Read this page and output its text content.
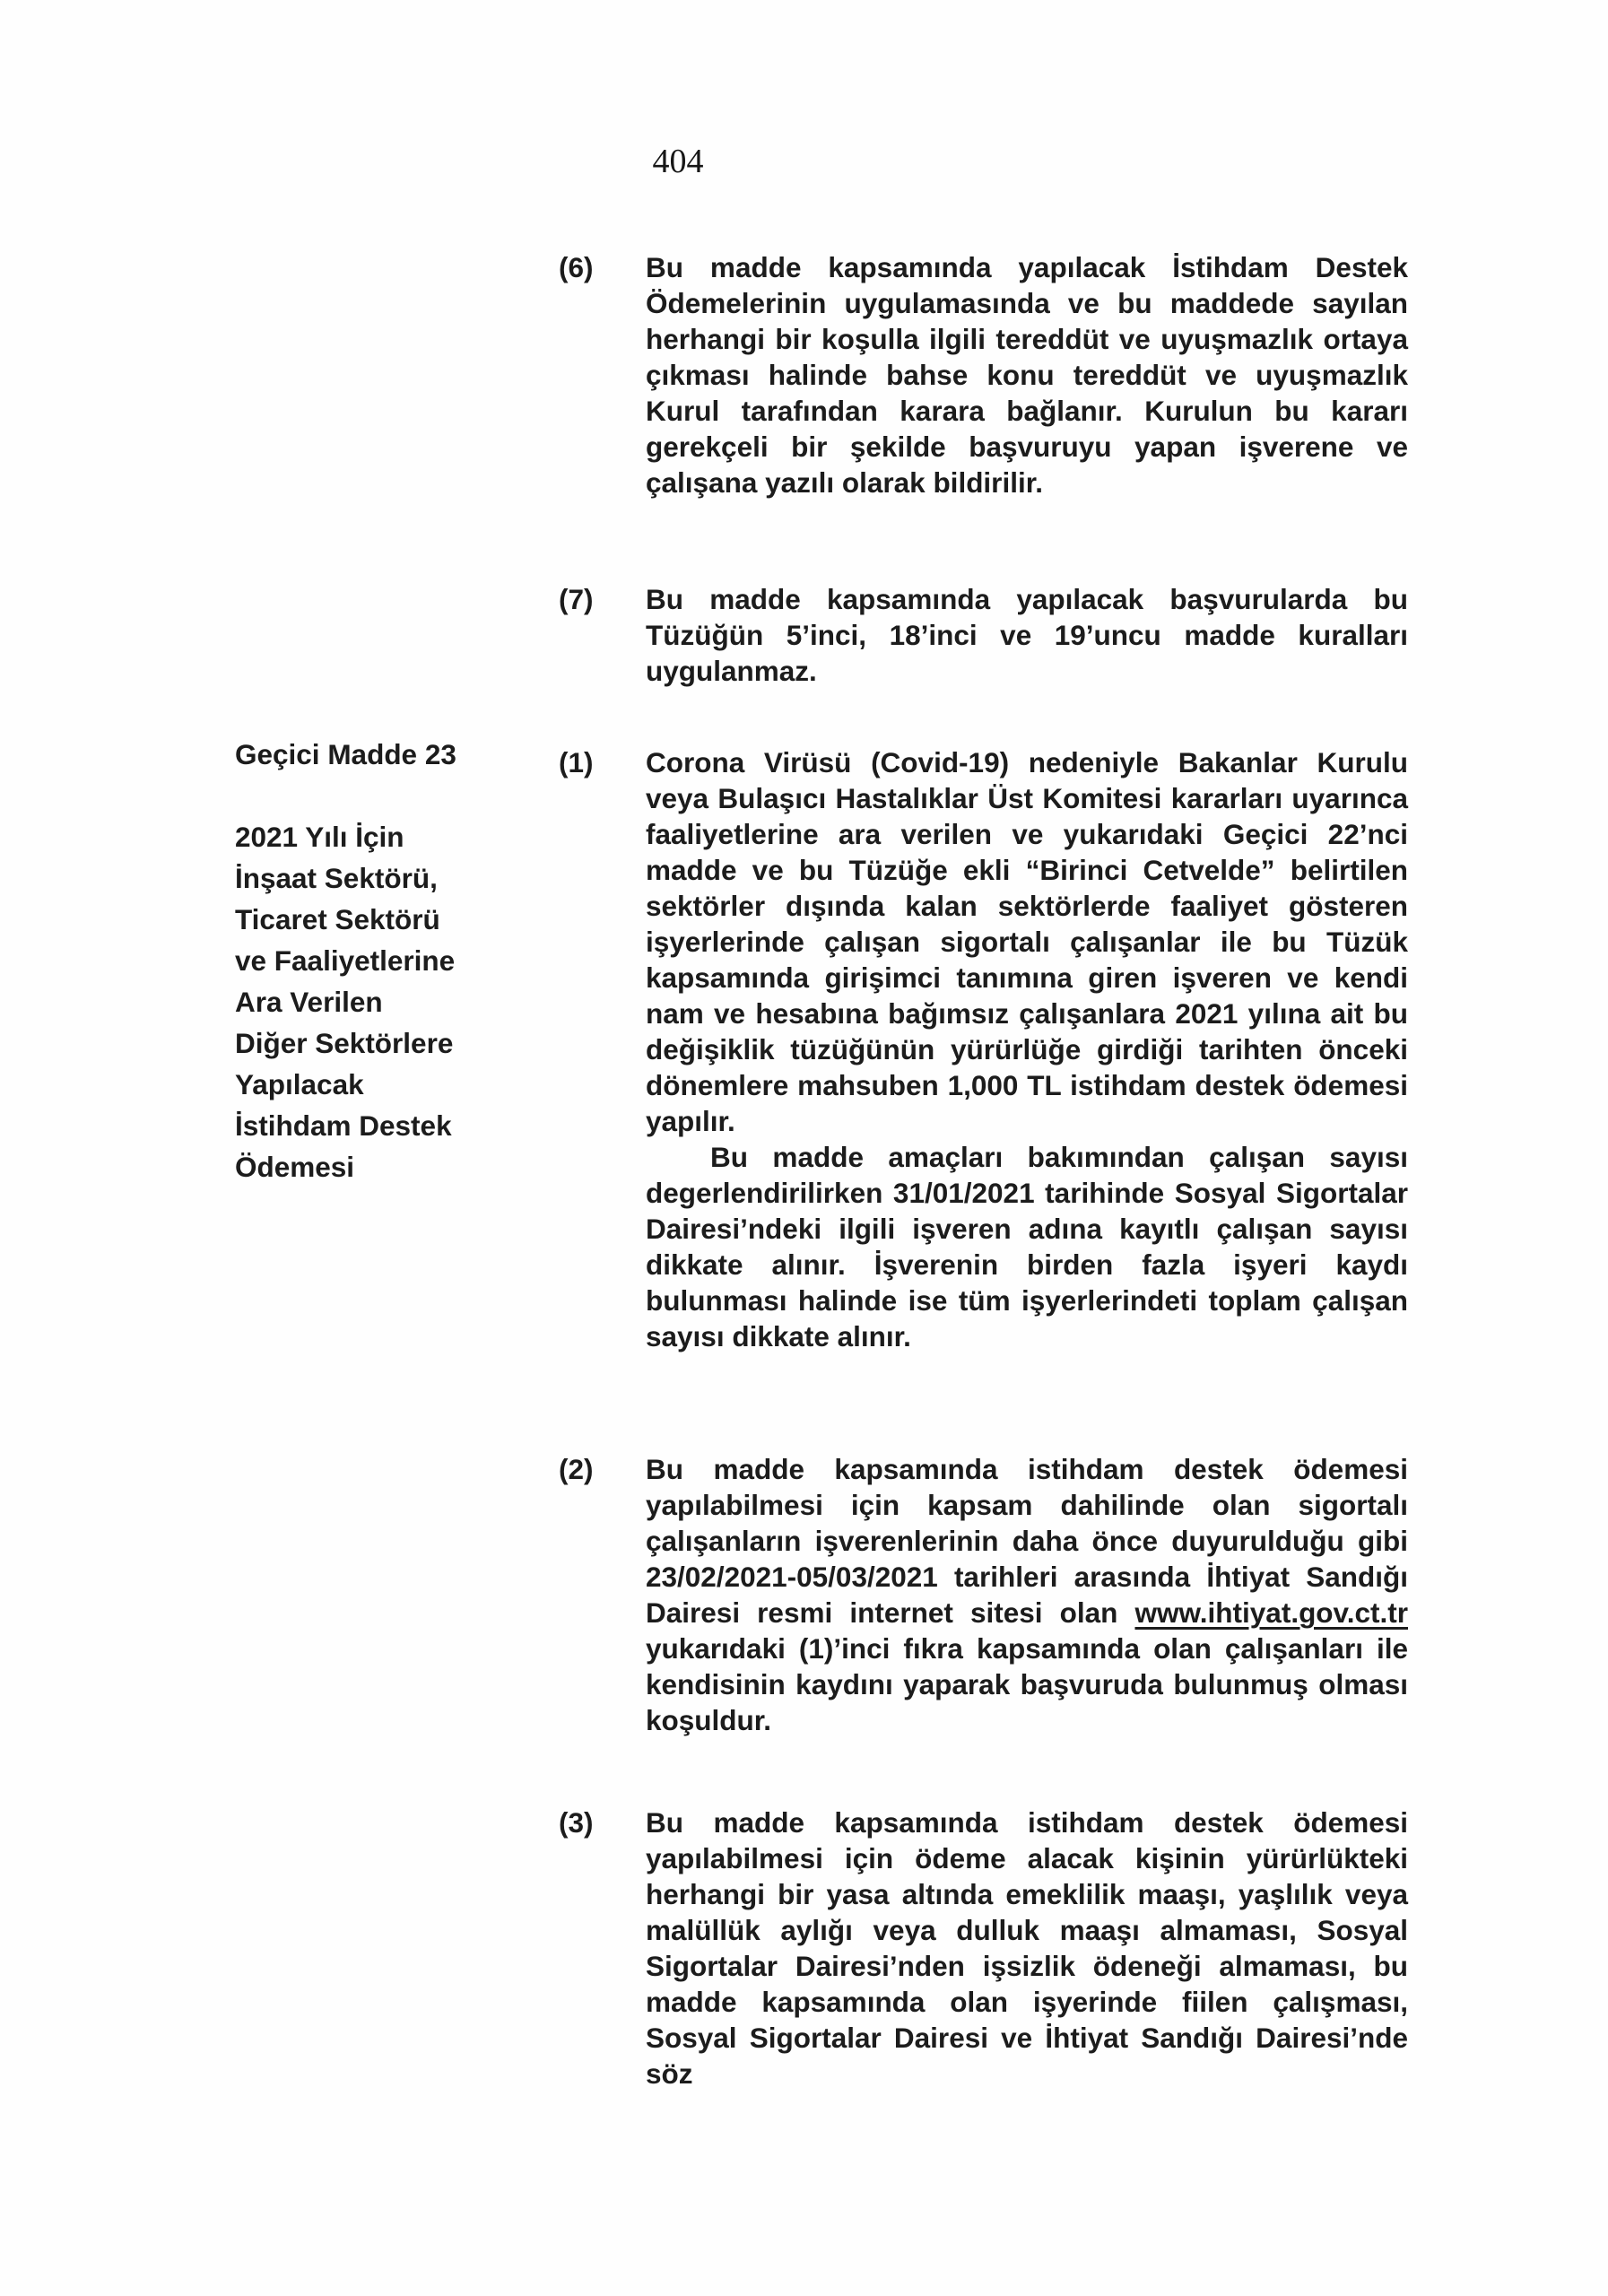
404
Geçici Madde 23
2021 Yılı İçin
İnşaat Sektörü,
Ticaret Sektörü
ve Faaliyetlerine
Ara Verilen
Diğer Sektörlere
Yapılacak
İstihdam Destek
Ödemesi
(6)	Bu madde kapsamında yapılacak İstihdam Destek Ödemelerinin uygulamasında ve bu maddede sayılan herhangi bir koşulla ilgili tereddüt ve uyuşmazlık ortaya çıkması halinde bahse konu tereddüt ve uyuşmazlık Kurul tarafından karara bağlanır. Kurulun bu kararı gerekçeli bir şekilde başvuruyu yapan işverene ve çalışana yazılı olarak bildirilir.

(7)	Bu madde kapsamında yapılacak başvurularda bu Tüzüğün 5’inci, 18’inci ve 19’uncu madde kuralları uygulanmaz.

(1)	Corona Virüsü (Covid-19) nedeniyle Bakanlar Kurulu veya Bulaşıcı Hastalıklar Üst Komitesi kararları uyarınca faaliyetlerine ara verilen ve yukarıdaki Geçici 22’nci madde ve bu Tüzüğe ekli “Birinci Cetvelde” belirtilen sektörler dışında kalan sektörlerde faaliyet gösteren işyerlerinde çalışan sigortalı çalışanlar ile bu Tüzük kapsamında girişimci tanımına giren işveren ve kendi nam ve hesabına bağımsız çalışanlara 2021 yılına ait bu değişiklik tüzüğünün yürürlüğe girdiği tarihten önceki dönemlere mahsuben 1,000 TL istihdam destek ödemesi yapılır.

Bu madde amaçları bakımından çalışan sayısı degerlendirilirken 31/01/2021 tarihinde Sosyal Sigortalar Dairesi’ndeki ilgili işveren adına kayıtlı çalışan sayısı dikkate alınır. İşverenin birden fazla işyeri kaydı bulunması halinde ise tüm işyerlerindeti toplam çalışan sayısı dikkate alınır.

(2)	Bu madde kapsamında istihdam destek ödemesi yapılabilmesi için kapsam dahilinde olan sigortalı çalışanların işverenlerinin daha önce duyurulduğu gibi 23/02/2021-05/03/2021 tarihleri arasında İhtiyat Sandığı Dairesi resmi internet sitesi olan www.ihtiyat.gov.ct.tr yukarıdaki (1)’inci fıkra kapsamında olan çalışanları ile kendisinin kaydını yaparak başvuruda bulunmuş olması koşuldur.

(3)	Bu madde kapsamında istihdam destek ödemesi yapılabilmesi için ödeme alacak kişinin yürürlükteki herhangi bir yasa altında emeklilik maaşı, yaşlılık veya malüllük aylığı veya dulluk maaşı almaması, Sosyal Sigortalar Dairesi’nden işsizlik ödeneği almaması, bu madde kapsamında olan işyerinde fiilen çalışması, Sosyal Sigortalar Dairesi ve İhtiyat Sandığı Dairesi’nde söz
